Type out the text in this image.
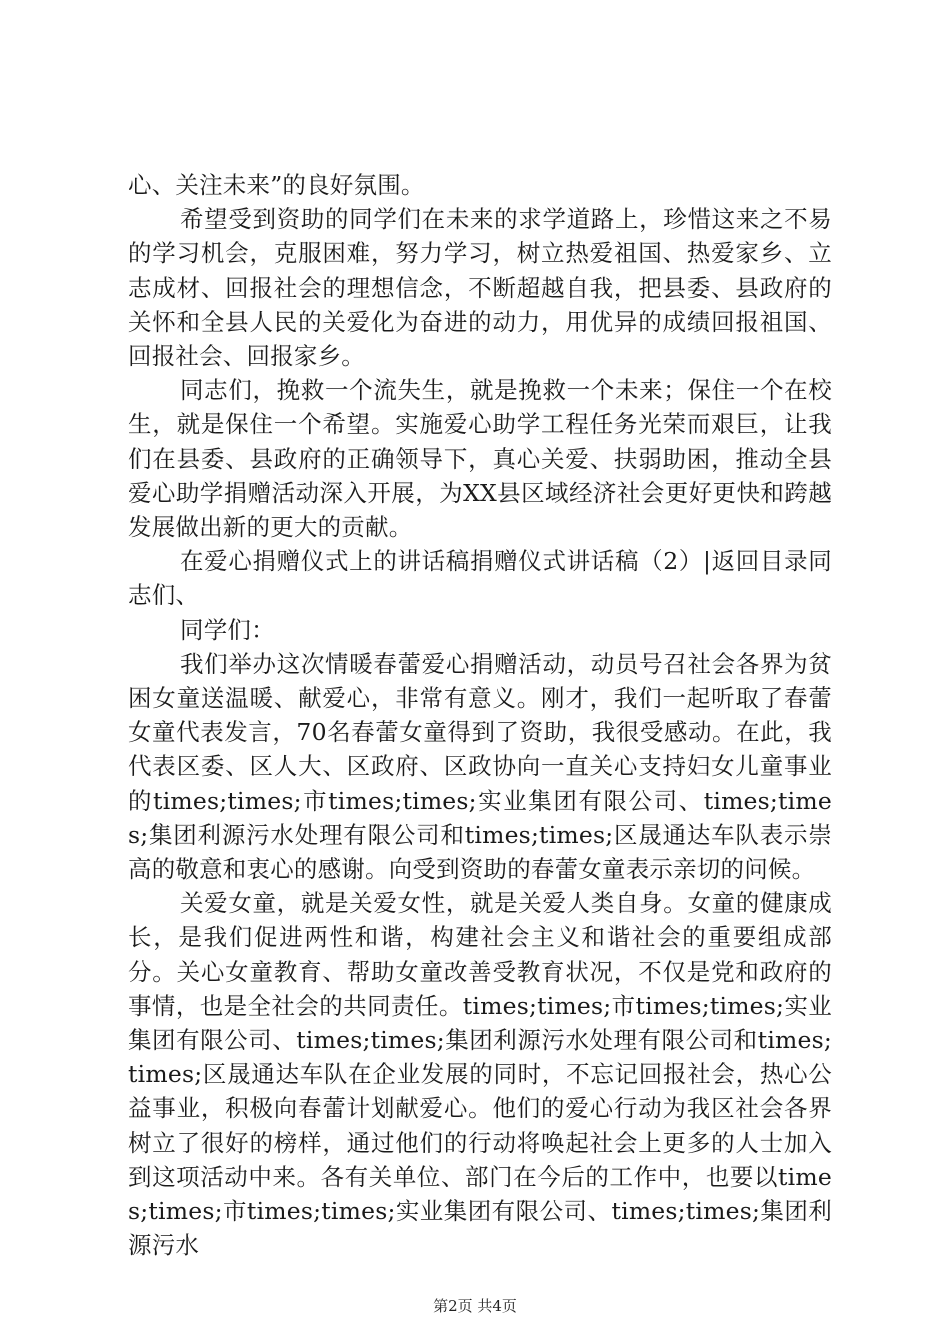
心、关注未来”的良好氛围。

希望受到资助的同学们在未来的求学道路上，珍惜这来之不易的学习机会，克服困难，努力学习，树立热爱祖国、热爱家乡、立志成材、回报社会的理想信念，不断超越自我，把县委、县政府的关怀和全县人民的关爱化为奋进的动力，用优异的成绩回报祖国、回报社会、回报家乡。

同志们，挽救一个流失生，就是挽救一个未来；保住一个在校生，就是保住一个希望。实施爱心助学工程任务光荣而艰巨，让我们在县委、县政府的正确领导下，真心关爱、扶弱助困，推动全县爱心助学捐赠活动深入开展，为XX县区域经济社会更好更快和跨越发展做出新的更大的贡献。

在爱心捐赠仪式上的讲话稿捐赠仪式讲话稿（2）|返回目录同志们、

同学们：

我们举办这次情暖春蕾爱心捐赠活动，动员号召社会各界为贫困女童送温暖、献爱心，非常有意义。刚才，我们一起听取了春蕾女童代表发言，70名春蕾女童得到了资助，我很受感动。在此，我代表区委、区人大、区政府、区政协向一直关心支持妇女儿童事业的times;times;市times;times;实业集团有限公司、times;times;集团利源污水处理有限公司和times;times;区晟通达车队表示崇高的敬意和衷心的感谢。向受到资助的春蕾女童表示亲切的问候。

关爱女童，就是关爱女性，就是关爱人类自身。女童的健康成长，是我们促进两性和谐，构建社会主义和谐社会的重要组成部分。关心女童教育、帮助女童改善受教育状况，不仅是党和政府的事情，也是全社会的共同责任。times;times;市times;times;实业集团有限公司、times;times;集团利源污水处理有限公司和times;times;区晟通达车队在企业发展的同时，不忘记回报社会，热心公益事业，积极向春蕾计划献爱心。他们的爱心行动为我区社会各界树立了很好的榜样，通过他们的行动将唤起社会上更多的人士加入到这项活动中来。各有关单位、部门在今后的工作中，也要以times;times;市times;times;实业集团有限公司、times;times;集团利源污水

第2页 共4页
